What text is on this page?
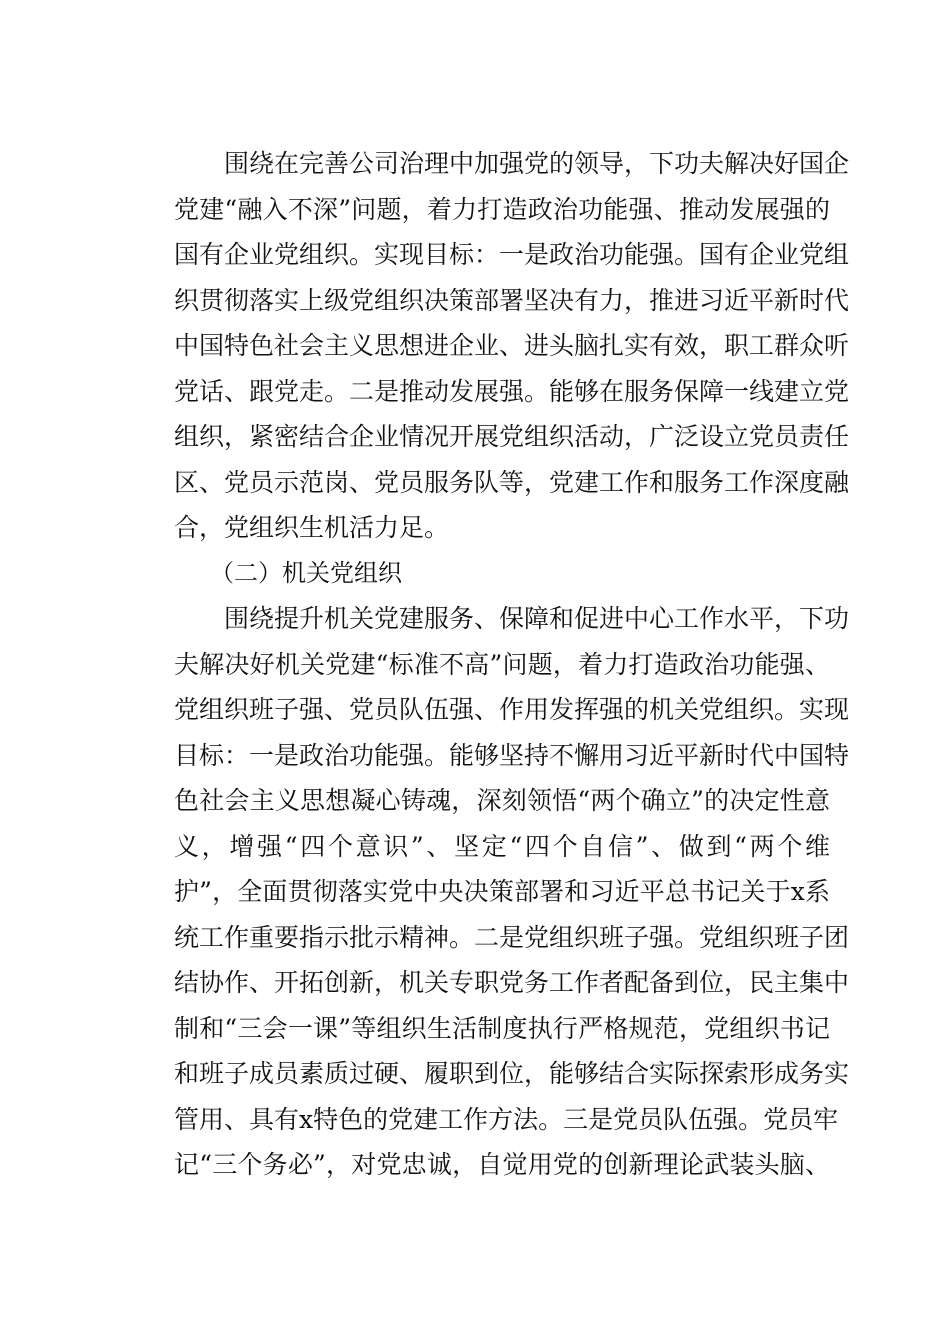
　　围绕在完善公司治理中加强党的领导，下功夫解决好国企
党建“融入不深”问题，着力打造政治功能强、推动发展强的
国有企业党组织。实现目标：一是政治功能强。国有企业党组
织贯彻落实上级党组织决策部署坚决有力，推进习近平新时代
中国特色社会主义思想进企业、进头脑扎实有效，职工群众听
党话、跟党走。二是推动发展强。能够在服务保障一线建立党
组织，紧密结合企业情况开展党组织活动，广泛设立党员责任
区、党员示范岗、党员服务队等，党建工作和服务工作深度融
合，党组织生机活力足。
　　（二）机关党组织
　　围绕提升机关党建服务、保障和促进中心工作水平，下功
夫解决好机关党建“标准不高”问题，着力打造政治功能强、
党组织班子强、党员队伍强、作用发挥强的机关党组织。实现
目标：一是政治功能强。能够坚持不懈用习近平新时代中国特
色社会主义思想凝心铸魂，深刻领悟“两个确立”的决定性意
义，增强“四个意识”、坚定“四个自信”、做到“两个维
护”，全面贯彻落实党中央决策部署和习近平总书记关于x系
统工作重要指示批示精神。二是党组织班子强。党组织班子团
结协作、开拓创新，机关专职党务工作者配备到位，民主集中
制和“三会一课”等组织生活制度执行严格规范，党组织书记
和班子成员素质过硬、履职到位，能够结合实际探索形成务实
管用、具有x特色的党建工作方法。三是党员队伍强。党员牢
记“三个务必”，对党忠诚，自觉用党的创新理论武装头脑、
